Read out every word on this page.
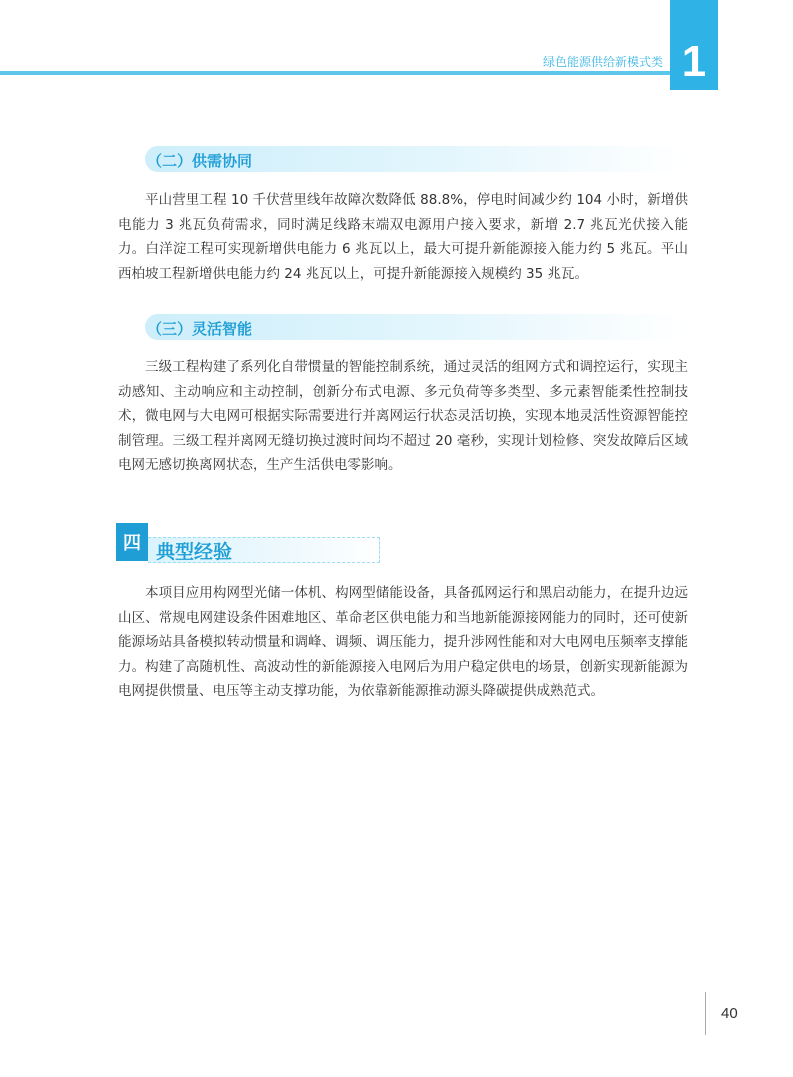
绿色能源供给新模式类 1
（二）供需协同

平山营里工程 10 千伏营里线年故障次数降低 88.8%，停电时间减少约 104 小时，新增供电能力 3 兆瓦负荷需求，同时满足线路末端双电源用户接入要求，新增 2.7 兆瓦光伏接入能力。白洋淀工程可实现新增供电能力 6 兆瓦以上，最大可提升新能源接入能力约 5 兆瓦。平山西柏坡工程新增供电能力约 24 兆瓦以上，可提升新能源接入规模约 35 兆瓦。

（三）灵活智能

三级工程构建了系列化自带惯量的智能控制系统，通过灵活的组网方式和调控运行，实现主动感知、主动响应和主动控制，创新分布式电源、多元负荷等多类型、多元素智能柔性控制技术，微电网与大电网可根据实际需要进行并离网运行状态灵活切换，实现本地灵活性资源智能控制管理。三级工程并离网无缝切换过渡时间均不超过 20 毫秒，实现计划检修、突发故障后区域电网无感切换离网状态，生产生活供电零影响。

四 典型经验

本项目应用构网型光储一体机、构网型储能设备，具备孤网运行和黑启动能力，在提升边远山区、常规电网建设条件困难地区、革命老区供电能力和当地新能源接网能力的同时，还可使新能源场站具备模拟转动惯量和调峰、调频、调压能力，提升涉网性能和对大电网电压频率支撑能力。构建了高随机性、高波动性的新能源接入电网后为用户稳定供电的场景，创新实现新能源为电网提供惯量、电压等主动支撑功能，为依靠新能源推动源头降碳提供成熟范式。

40
